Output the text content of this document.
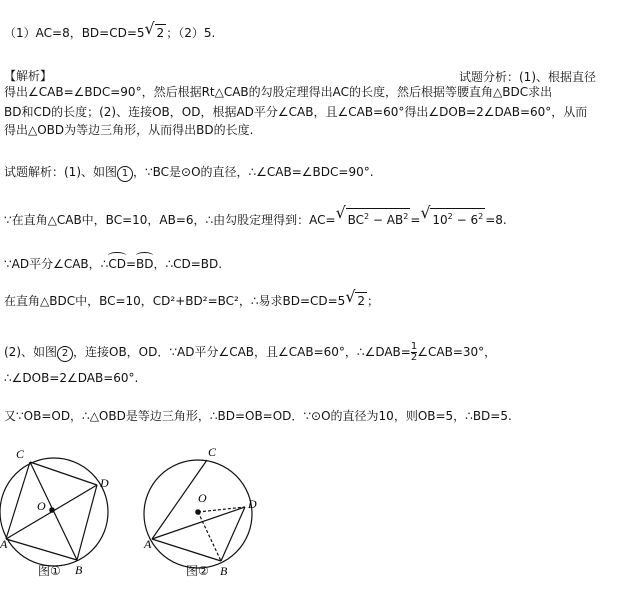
（1）AC=8，BD=CD=5 √ 2 ；（2）5.
【解析】	试题分析：(1)、根据直径
得出∠CAB=∠BDC=90°，然后根据Rt△CAB的勾股定理得出AC的长度，然后根据等腰直角△BDC求出
BD和CD的长度；(2)、连接OB，OD，根据AD平分∠CAB，且∠CAB=60°得出∠DOB=2∠DAB=60°，从而
得出△OBD为等边三角形，从而得出BD的长度.
试题解析：(1)、如图 1 ，∵BC是⊙O的直径，∴∠CAB=∠BDC=90°.
∵在直角△CAB中，BC=10，AB=6，∴由勾股定理得到：AC= √ $BC^2 - AB^2$ = √ $10^2 - 6^2 =8$.
∵AD平分∠CAB，∴CD=BD，∴CD=BD.
在直角△BDC中，BC=10，CD²+BD²=BC²，∴易求BD=CD=5 √ 2 ；
(2)、如图 2 ，连接OB，OD．∵AD平分∠CAB，且∠CAB=60°，∴∠DAB= $\frac{1}{2}$ ∠CAB=30°，
∴∠DOB=2∠DAB=60°.
又∵OB=OD，∴△OBD是等边三角形，∴BD=OB=OD．∵⊙O的直径为10，则OB=5，∴BD=5.
C
D
O
A
B
C
D
O
A
B
图①	图②
